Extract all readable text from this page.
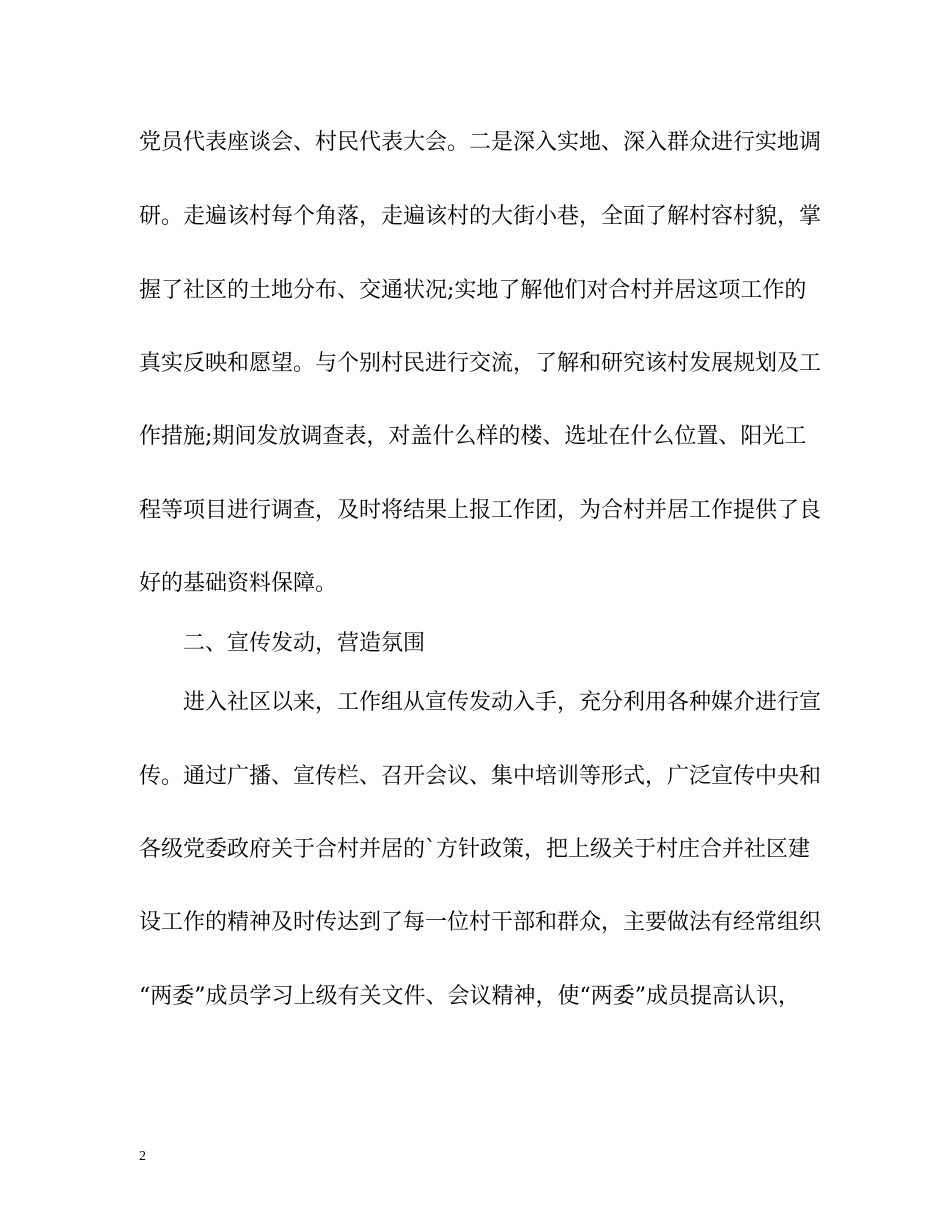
党员代表座谈会、村民代表大会。二是深入实地、深入群众进行实地调
研。走遍该村每个角落，走遍该村的大街小巷，全面了解村容村貌，掌
握了社区的土地分布、交通状况;实地了解他们对合村并居这项工作的
真实反映和愿望。与个别村民进行交流，了解和研究该村发展规划及工
作措施;期间发放调查表，对盖什么样的楼、选址在什么位置、阳光工
程等项目进行调查，及时将结果上报工作团，为合村并居工作提供了良
好的基础资料保障。
二、宣传发动，营造氛围
进入社区以来，工作组从宣传发动入手，充分利用各种媒介进行宣
传。通过广播、宣传栏、召开会议、集中培训等形式，广泛宣传中央和
各级党委政府关于合村并居的`方针政策，把上级关于村庄合并社区建
设工作的精神及时传达到了每一位村干部和群众，主要做法有经常组织
“两委”成员学习上级有关文件、会议精神，使“两委”成员提高认识，
2
